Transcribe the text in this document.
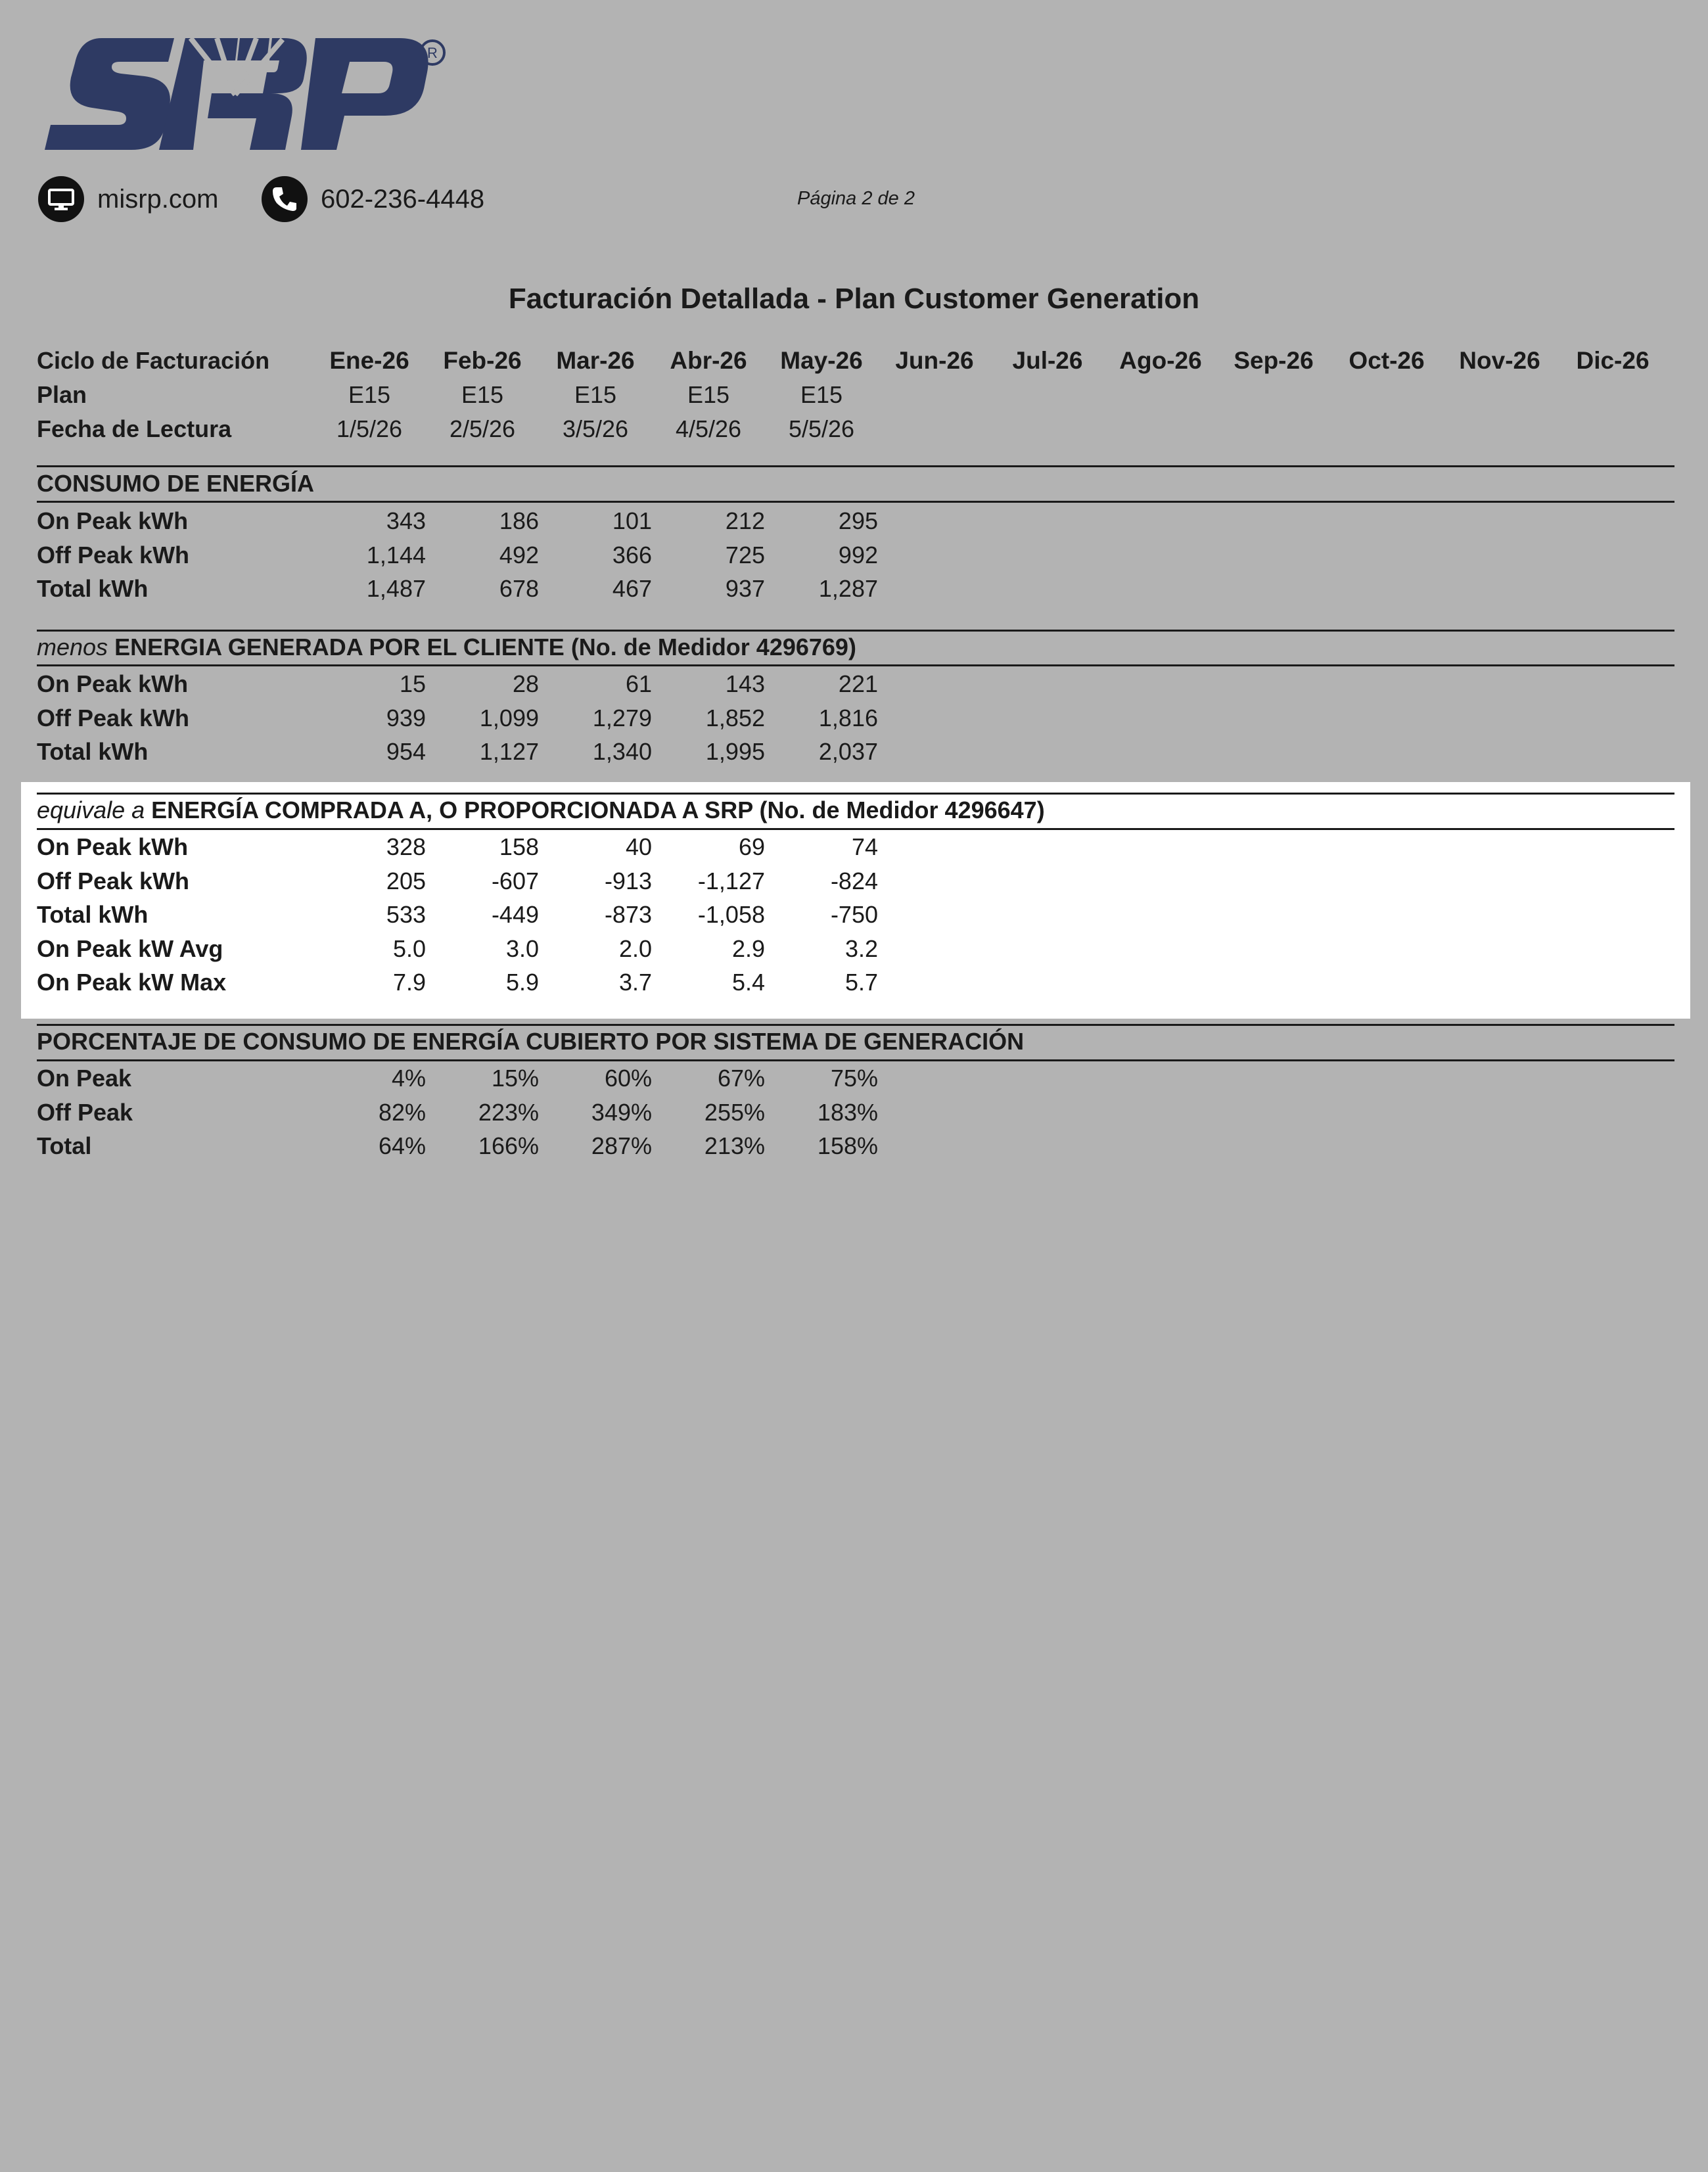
R
misrp.com	602-236-4448	Página 2 de 2
Facturación Detallada - Plan Customer Generation
Ciclo de Facturación	Ene-26	Feb-26	Mar-26	Abr-26	May-26	Jun-26	Jul-26	Ago-26	Sep-26	Oct-26	Nov-26	Dic-26
Plan	E15	E15	E15	E15	E15
Fecha de Lectura	1/5/26	2/5/26	3/5/26	4/5/26	5/5/26
CONSUMO DE ENERGÍA
On Peak kWh	343	186	101	212	295
Off Peak kWh	1,144	492	366	725	992
Total kWh	1,487	678	467	937	1,287
menos ENERGIA GENERADA POR EL CLIENTE (No. de Medidor 4296769)
On Peak kWh	15	28	61	143	221
Off Peak kWh	939	1,099	1,279	1,852	1,816
Total kWh	954	1,127	1,340	1,995	2,037
equivale a ENERGÍA COMPRADA A, O PROPORCIONADA A SRP (No. de Medidor 4296647)
On Peak kWh	328	158	40	69	74
Off Peak kWh	205	-607	-913	-1,127	-824
Total kWh	533	-449	-873	-1,058	-750
On Peak kW Avg	5.0	3.0	2.0	2.9	3.2
On Peak kW Max	7.9	5.9	3.7	5.4	5.7
PORCENTAJE DE CONSUMO DE ENERGÍA CUBIERTO POR SISTEMA DE GENERACIÓN
On Peak	4%	15%	60%	67%	75%
Off Peak	82%	223%	349%	255%	183%
Total	64%	166%	287%	213%	158%
